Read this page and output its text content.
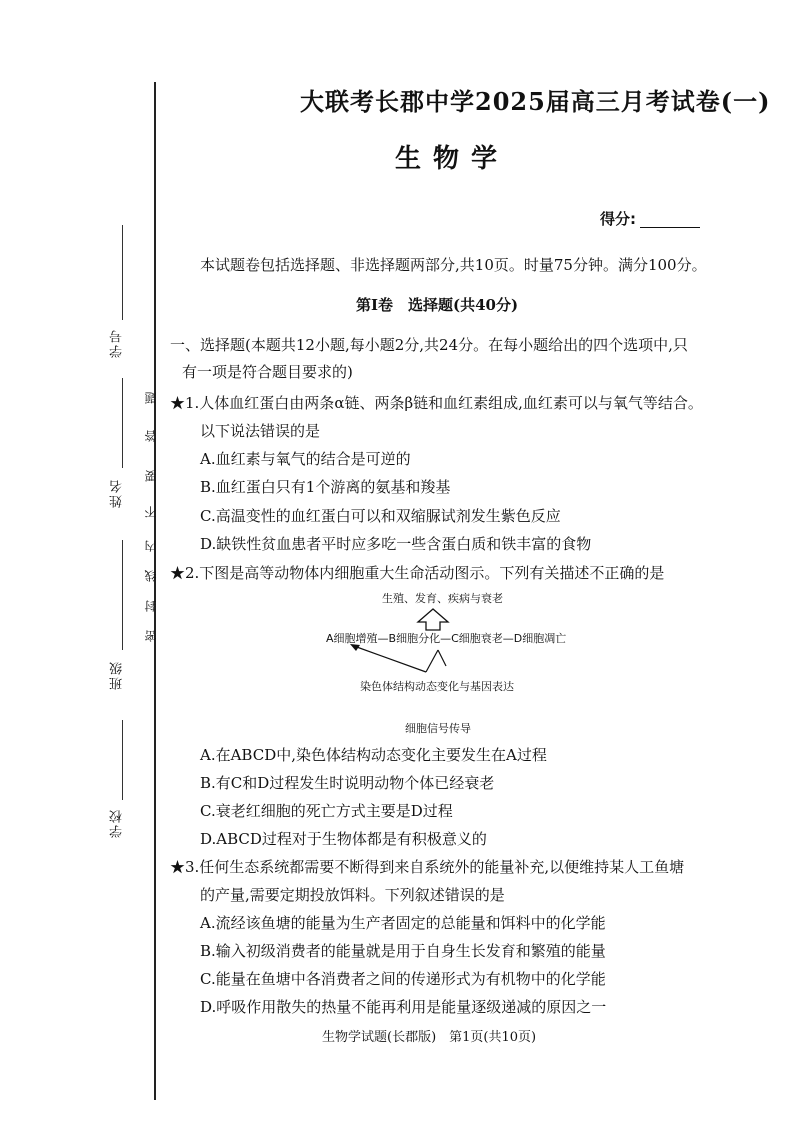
学校
班级
姓名
学号
密
封
线
内
不
要
答
题
大联考长郡中学2025届高三月考试卷(一)
生物学
得分:
本试题卷包括选择题、非选择题两部分,共10页。时量75分钟。满分100分。
第Ⅰ卷　选择题(共40分)
一、选择题(本题共12小题,每小题2分,共24分。在每小题给出的四个选项中,只
有一项是符合题目要求的)
★1.人体血红蛋白由两条α链、两条β链和血红素组成,血红素可以与氧气等结合。
以下说法错误的是
A.血红素与氧气的结合是可逆的
B.血红蛋白只有1个游离的氨基和羧基
C.高温变性的血红蛋白可以和双缩脲试剂发生紫色反应
D.缺铁性贫血患者平时应多吃一些含蛋白质和铁丰富的食物
★2.下图是高等动物体内细胞重大生命活动图示。下列有关描述不正确的是
生殖、发育、疾病与衰老
A细胞增殖—B细胞分化—C细胞衰老—D细胞凋亡
染色体结构动态变化与基因表达
细胞信号传导
A.在ABCD中,染色体结构动态变化主要发生在A过程
B.有C和D过程发生时说明动物个体已经衰老
C.衰老红细胞的死亡方式主要是D过程
D.ABCD过程对于生物体都是有积极意义的
★3.任何生态系统都需要不断得到来自系统外的能量补充,以便维持某人工鱼塘
的产量,需要定期投放饵料。下列叙述错误的是
A.流经该鱼塘的能量为生产者固定的总能量和饵料中的化学能
B.输入初级消费者的能量就是用于自身生长发育和繁殖的能量
C.能量在鱼塘中各消费者之间的传递形式为有机物中的化学能
D.呼吸作用散失的热量不能再利用是能量逐级递减的原因之一
生物学试题(长郡版)　第1页(共10页)
